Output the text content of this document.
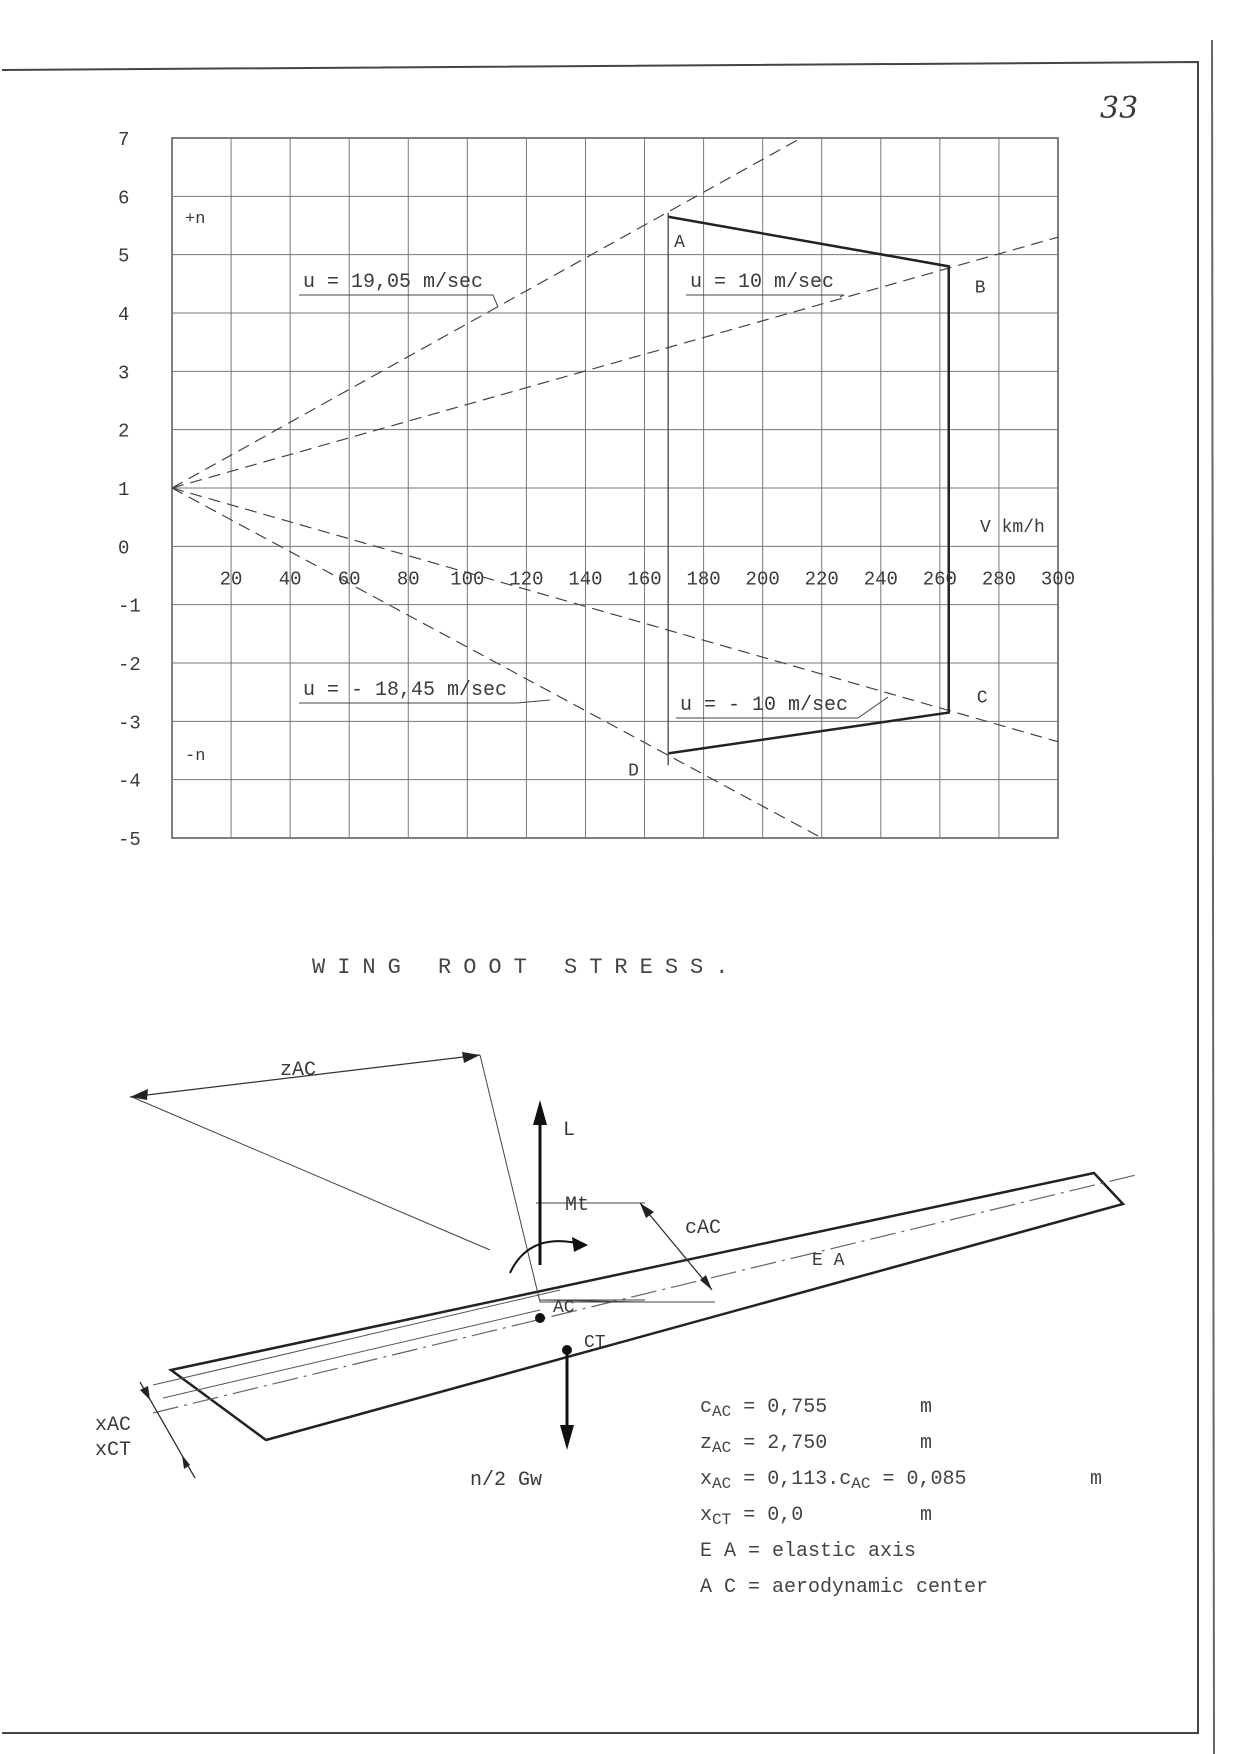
33
u = 19,05 m/sec	u = 10 m/sec
u = - 10 m/sec
u = - 18,45 m/sec
A
B
C
D
7
6
5
4
3
2
1
0
-1
-2
-3
-4
-5
20 40 60 80 100 120 140 160 180 200 220 240 260 280 300
V km/h
+n
-n
zAC
cAC
xAC
xCT
L
Mt
AC
CT
n/2 Gw
E A
WING ROOT STRESS.
$c_{AC} = 0,755$	m
$z_{AC} = 2,750$	m
$x_{AC} = 0,113.c_{AC} = 0,085$	m
$x_{CT} = 0,0$	m
E A = elastic axis
A C = aerodynamic center
